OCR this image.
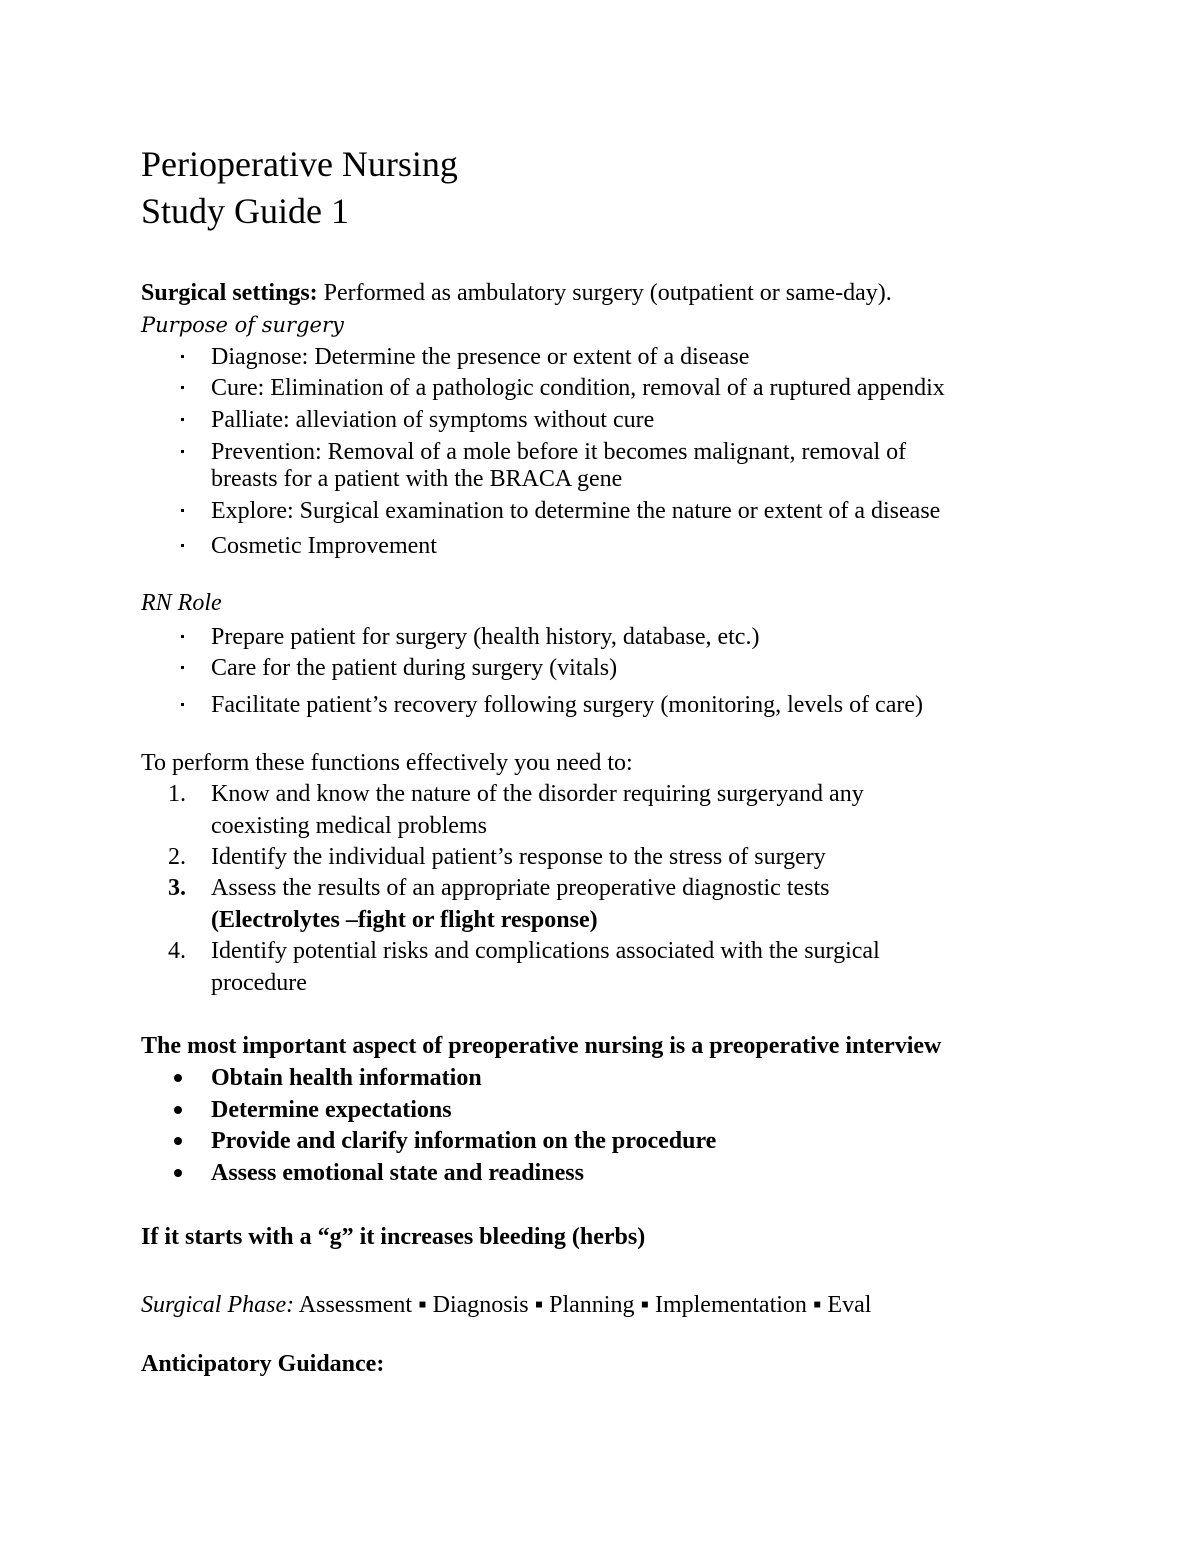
Perioperative Nursing
Study Guide 1
Surgical settings: Performed as ambulatory surgery (outpatient or same-day).
Purpose of surgery
Diagnose: Determine the presence or extent of a disease
Cure: Elimination of a pathologic condition, removal of a ruptured appendix
Palliate: alleviation of symptoms without cure
Prevention: Removal of a mole before it becomes malignant, removal of
breasts for a patient with the BRACA gene
Explore: Surgical examination to determine the nature or extent of a disease
Cosmetic Improvement
RN Role
Prepare patient for surgery (health history, database, etc.)
Care for the patient during surgery (vitals)
Facilitate patient’s recovery following surgery (monitoring, levels of care)
To perform these functions effectively you need to:
1.	Know and know the nature of the disorder requiring surgeryand any
coexisting medical problems
2.	Identify the individual patient’s response to the stress of surgery
3.	Assess the results of an appropriate preoperative diagnostic tests
(Electrolytes –fight or flight response)
4.	Identify potential risks and complications associated with the surgical
procedure
The most important aspect of preoperative nursing is a preoperative interview
Obtain health information
Determine expectations
Provide and clarify information on the procedure
Assess emotional state and readiness
If it starts with a “g” it increases bleeding (herbs)
Surgical Phase: Assessment ▪ Diagnosis ▪ Planning ▪ Implementation ▪ Eval
Anticipatory Guidance:
